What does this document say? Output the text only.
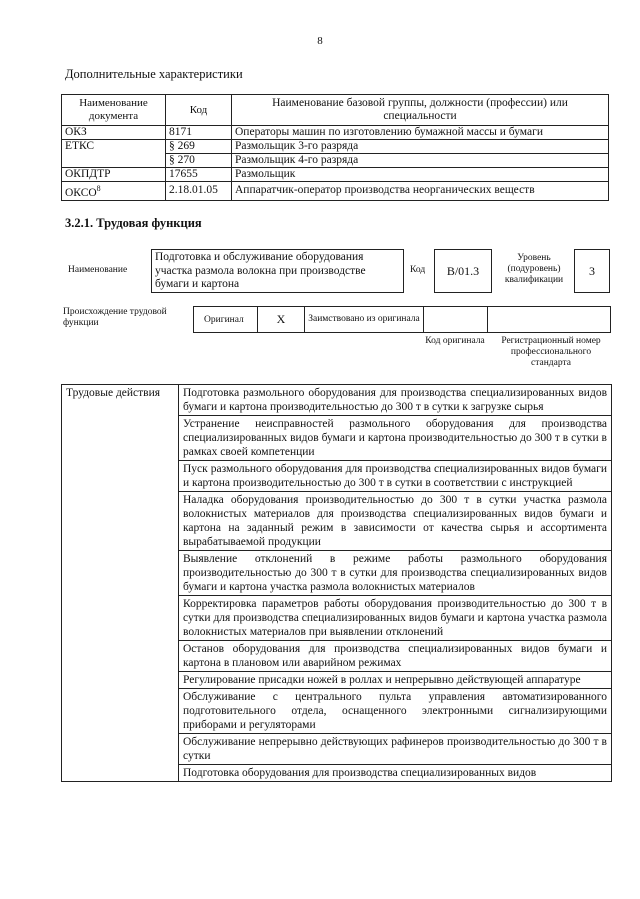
8
Дополнительные характеристики
Наименование документа	Код	Наименование базовой группы, должности (профессии) или специальности
ОКЗ	8171	Операторы машин по изготовлению бумажной массы и бумаги
ЕТКС	§ 269	Размольщик 3-го разряда
	§ 270	Размольщик 4-го разряда
ОКПДТР	17655	Размольщик
ОКСО$^8$	2.18.01.05	Аппаратчик-оператор производства неорганических веществ
3.2.1. Трудовая функция
Наименование
Подготовка и обслуживание оборудования участка размола волокна при производстве бумаги и картона
Код	B/01.3
Уровень (подуровень) квалификации
3
Происхождение трудовой функции	Оригинал	X	Заимствовано из оригинала
Код оригинала	Регистрационный номер профессионального стандарта
Трудовые действия	Подготовка размольного оборудования для производства специализированных видов бумаги и картона производительностью до 300 т в сутки к загрузке сырья
Устранение неисправностей размольного оборудования для производства специализированных видов бумаги и картона производительностью до 300 т в сутки в рамках своей компетенции
Пуск размольного оборудования для производства специализированных видов бумаги и картона производительностью до 300 т в сутки в соответствии с инструкцией
Наладка оборудования производительностью до 300 т в сутки участка размола волокнистых материалов для производства специализированных видов бумаги и картона на заданный режим в зависимости от качества сырья и ассортимента вырабатываемой продукции
Выявление отклонений в режиме работы размольного оборудования производительностью до 300 т в сутки для производства специализированных видов бумаги и картона участка размола волокнистых материалов
Корректировка параметров работы оборудования производительностью до 300 т в сутки для производства специализированных видов бумаги и картона участка размола волокнистых материалов при выявлении отклонений
Останов оборудования для производства специализированных видов бумаги и картона в плановом или аварийном режимах
Регулирование присадки ножей в роллах и непрерывно действующей аппаратуре
Обслуживание с центрального пульта управления автоматизированного подготовительного отдела, оснащенного электронными сигнализирующими приборами и регуляторами
Обслуживание непрерывно действующих рафинеров производительностью до 300 т в сутки
Подготовка оборудования для производства специализированных видов
